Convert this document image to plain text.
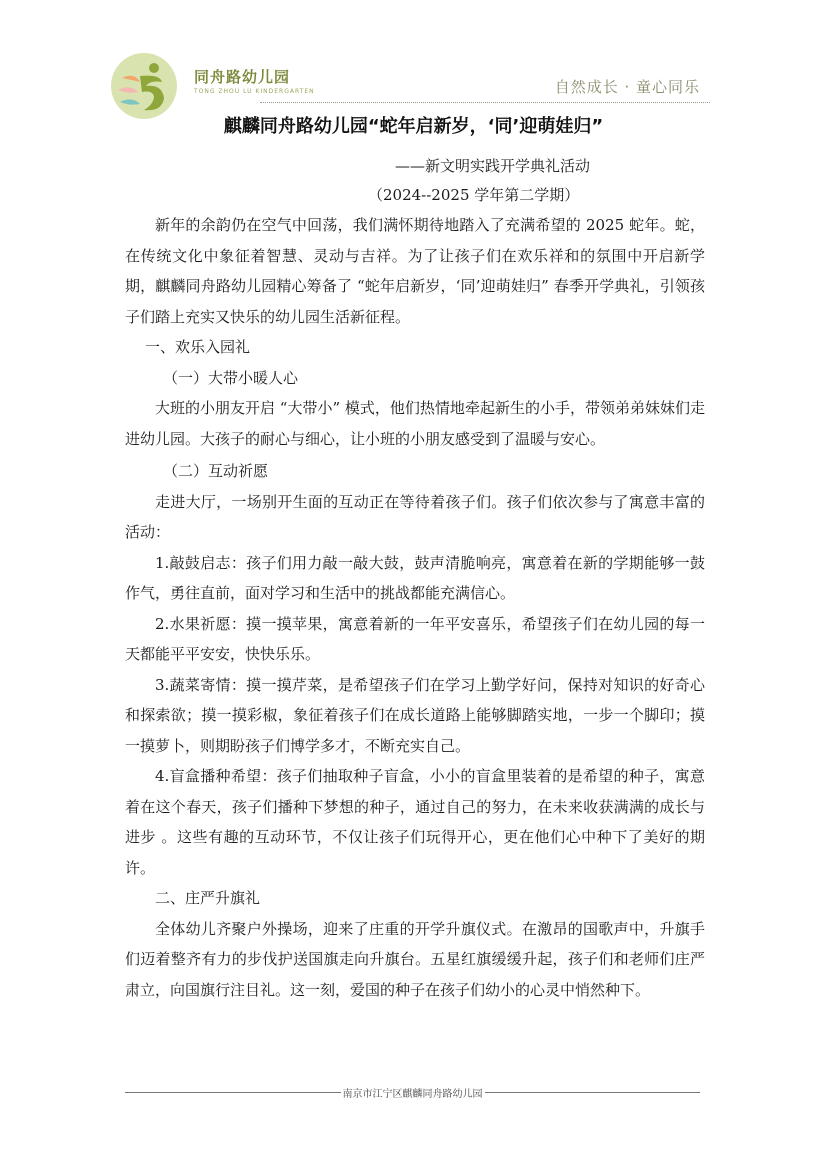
同舟路幼儿园
TONG ZHOU LU KINDERGARTEN	自然成长 · 童心同乐
麒麟同舟路幼儿园“蛇年启新岁，‘同’迎萌娃归”
——新文明实践开学典礼活动
（2024--2025 学年第二学期）

新年的余韵仍在空气中回荡，我们满怀期待地踏入了充满希望的 2025 蛇年。蛇，在传统文化中象征着智慧、灵动与吉祥。为了让孩子们在欢乐祥和的氛围中开启新学期，麒麟同舟路幼儿园精心筹备了 “蛇年启新岁，‘同’迎萌娃归” 春季开学典礼，引领孩子们踏上充实又快乐的幼儿园生活新征程。

一、欢乐入园礼

（一）大带小暖人心

大班的小朋友开启 “大带小” 模式，他们热情地牵起新生的小手，带领弟弟妹妹们走进幼儿园。大孩子的耐心与细心，让小班的小朋友感受到了温暖与安心。

（二）互动祈愿

走进大厅，一场别开生面的互动正在等待着孩子们。孩子们依次参与了寓意丰富的活动：

1.敲鼓启志：孩子们用力敲一敲大鼓，鼓声清脆响亮，寓意着在新的学期能够一鼓作气，勇往直前，面对学习和生活中的挑战都能充满信心。

2.水果祈愿：摸一摸苹果，寓意着新的一年平安喜乐，希望孩子们在幼儿园的每一天都能平平安安，快快乐乐。

3.蔬菜寄情：摸一摸芹菜，是希望孩子们在学习上勤学好问，保持对知识的好奇心和探索欲；摸一摸彩椒，象征着孩子们在成长道路上能够脚踏实地，一步一个脚印；摸一摸萝卜，则期盼孩子们博学多才，不断充实自己。

4.盲盒播种希望：孩子们抽取种子盲盒，小小的盲盒里装着的是希望的种子，寓意着在这个春天，孩子们播种下梦想的种子，通过自己的努力，在未来收获满满的成长与进步 。这些有趣的互动环节，不仅让孩子们玩得开心，更在他们心中种下了美好的期许。

二、庄严升旗礼

全体幼儿齐聚户外操场，迎来了庄重的开学升旗仪式。在激昂的国歌声中，升旗手们迈着整齐有力的步伐护送国旗走向升旗台。五星红旗缓缓升起，孩子们和老师们庄严肃立，向国旗行注目礼。这一刻，爱国的种子在孩子们幼小的心灵中悄然种下。

南京市江宁区麒麟同舟路幼儿园
